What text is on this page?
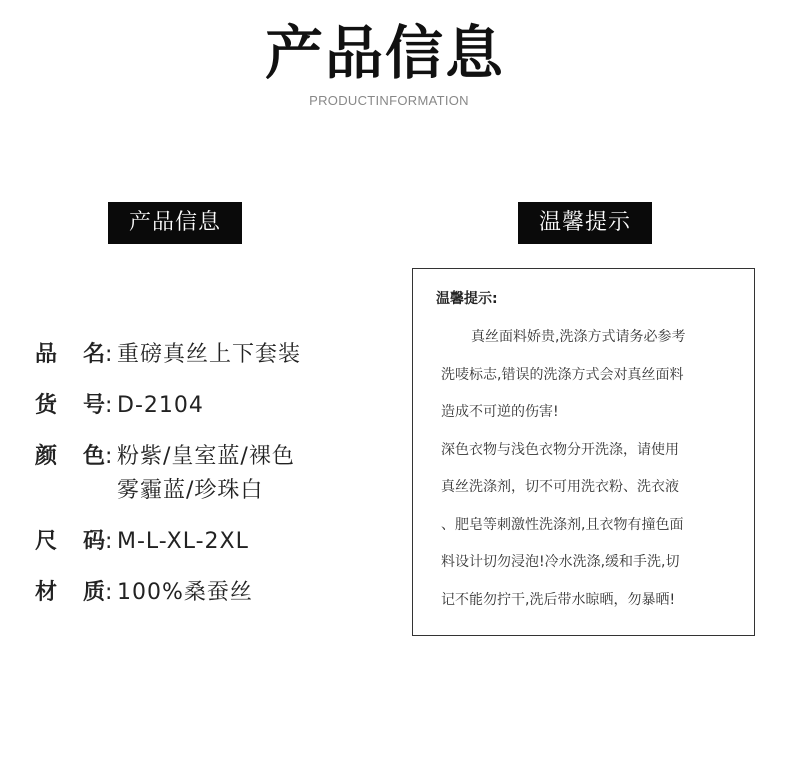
产品信息
PRODUCTINFORMATION
产品信息	温馨提示
品 名 : 重磅真丝上下套装
货 号 : D-2104
颜 色 : 粉紫/皇室蓝/裸色
雾霾蓝/珍珠白
尺 码 : M-L-XL-2XL
材 质 : 100%桑蚕丝
温馨提示:
真丝面料娇贵,洗涤方式请务必参考
洗唛标志,错误的洗涤方式会对真丝面料
造成不可逆的伤害!
深色衣物与浅色衣物分开洗涤，请使用
真丝洗涤剂，切不可用洗衣粉、洗衣液
、肥皂等刺激性洗涤剂,且衣物有撞色面
料设计切勿浸泡!冷水洗涤,缓和手洗,切
记不能勿拧干,洗后带水晾晒，勿暴晒!
